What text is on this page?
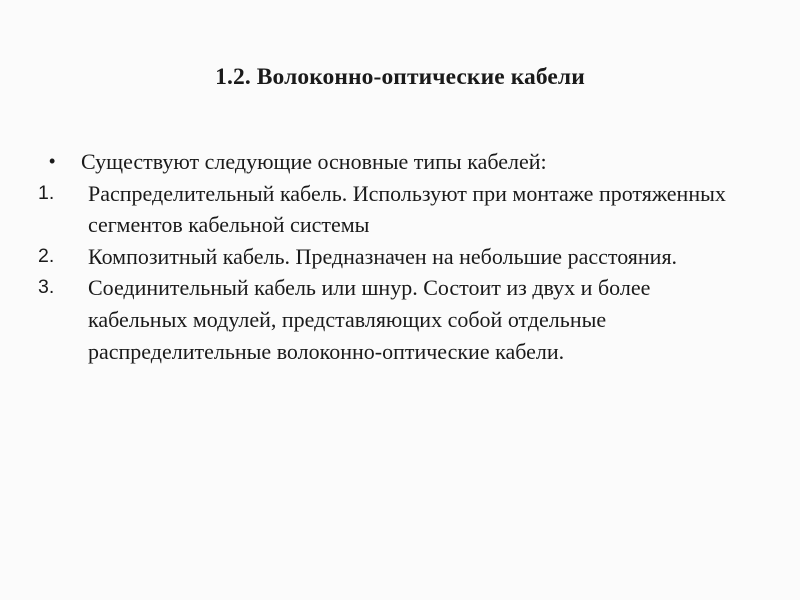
1.2. Волоконно-оптические кабели
• Существуют следующие основные типы кабелей:
1. Распределительный кабель. Используют при монтаже протяженных сегментов кабельной системы
2. Композитный кабель. Предназначен на небольшие расстояния.
3. Соединительный кабель или шнур. Состоит из двух и более кабельных модулей, представляющих собой отдельные распределительные волоконно-оптические кабели.
